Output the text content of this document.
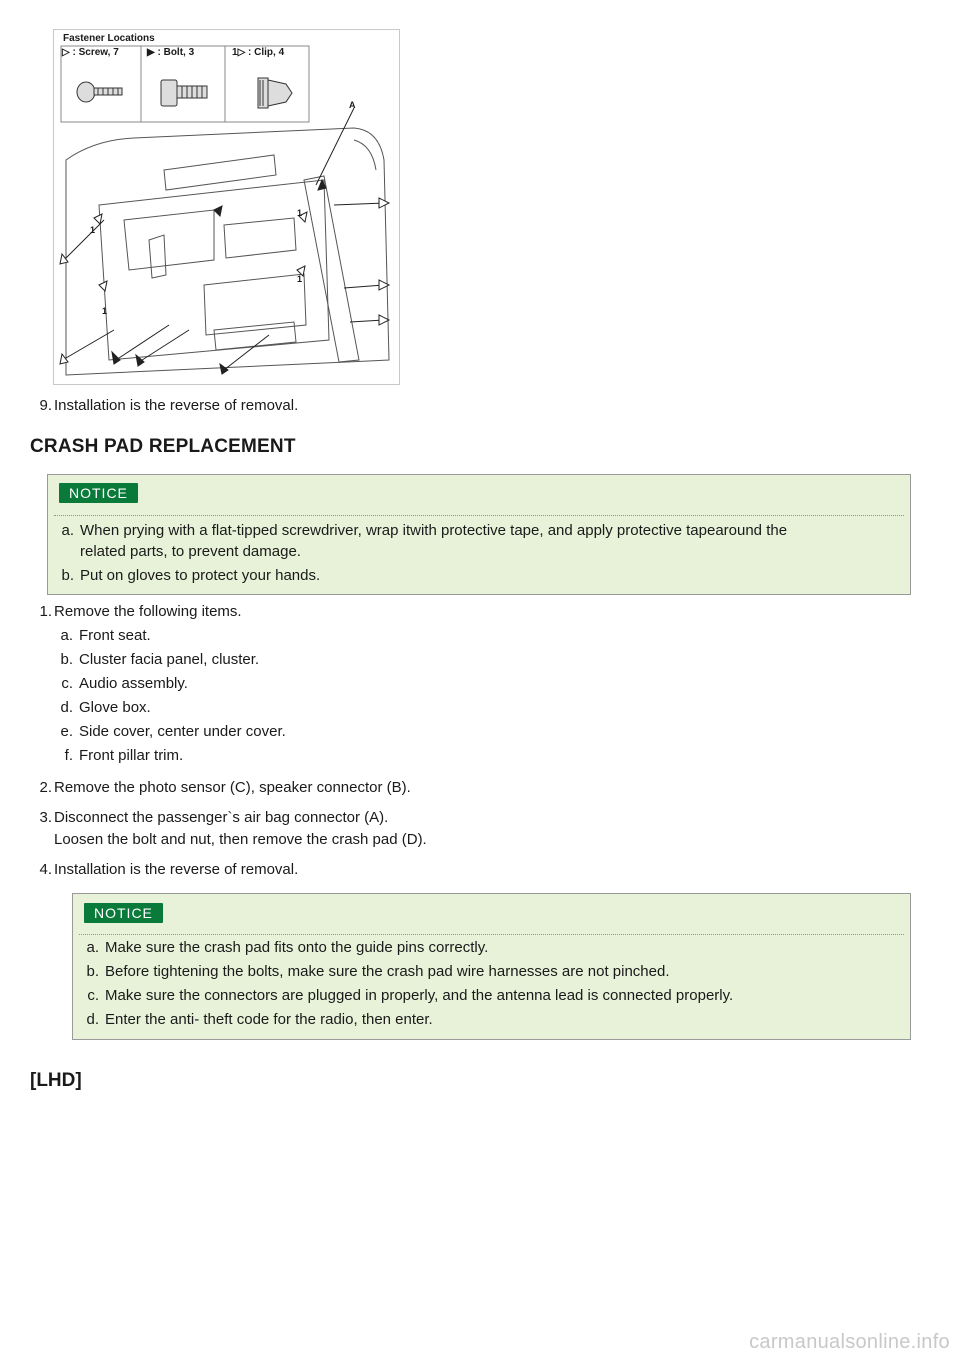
Fastener Locations
▷ : Screw, 7	▶ : Bolt, 3	1▷ : Clip, 4
A
1
1
1
1
9. Installation is the reverse of removal.
CRASH PAD REPLACEMENT
NOTICE
a. When prying with a flat-tipped screwdriver, wrap itwith protective tape, and apply protective tapearound the
related parts, to prevent damage.
b. Put on gloves to protect your hands.
1. Remove the following items.
a. Front seat.
b. Cluster facia panel, cluster.
c. Audio assembly.
d. Glove box.
e. Side cover, center under cover.
f. Front pillar trim.
2. Remove the photo sensor (C), speaker connector (B).
3. Disconnect the passenger`s air bag connector (A).
Loosen the bolt and nut, then remove the crash pad (D).
4. Installation is the reverse of removal.
NOTICE
a. Make sure the crash pad fits onto the guide pins correctly.
b. Before tightening the bolts, make sure the crash pad wire harnesses are not pinched.
c. Make sure the connectors are plugged in properly, and the antenna lead is connected properly.
d. Enter the anti- theft code for the radio, then enter.
[LHD]
carmanualsonline.info
